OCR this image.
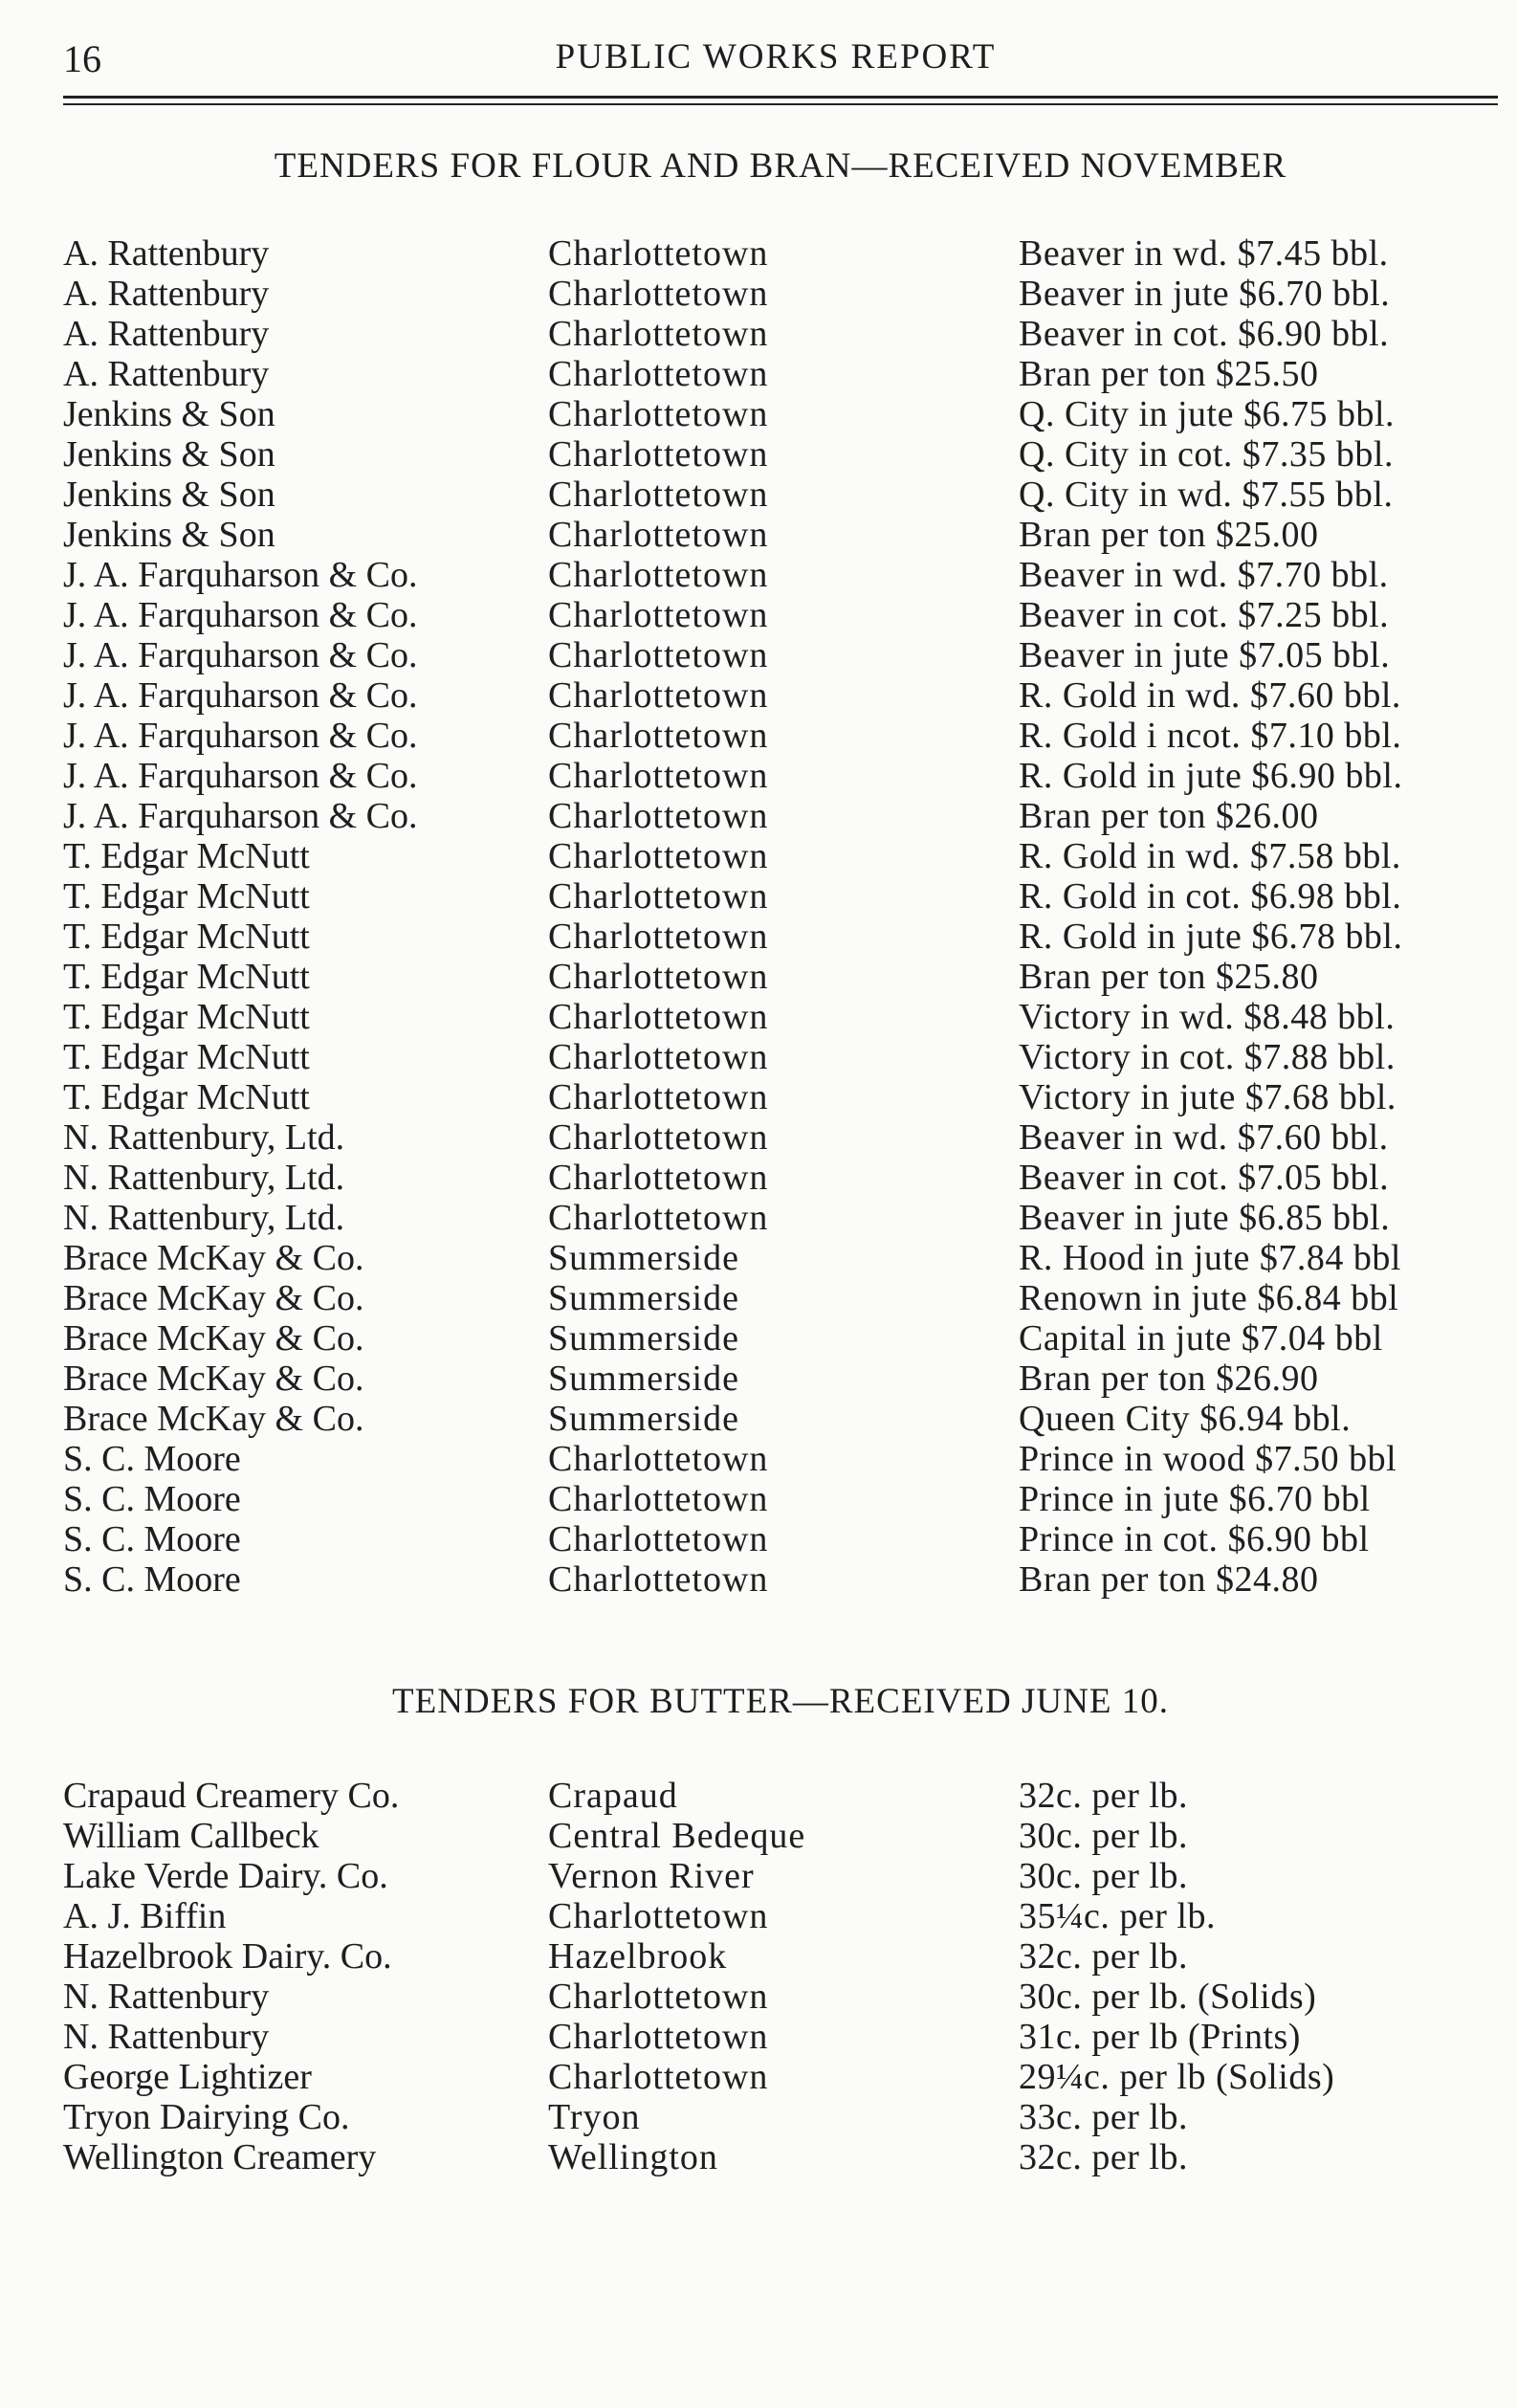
16	PUBLIC WORKS REPORT
TENDERS FOR FLOUR AND BRAN—RECEIVED NOVEMBER
A. Rattenbury	Charlottetown	Beaver in wd. $7.45 bbl.
A. Rattenbury	Charlottetown	Beaver in jute $6.70 bbl.
A. Rattenbury	Charlottetown	Beaver in cot. $6.90 bbl.
A. Rattenbury	Charlottetown	Bran per ton $25.50
Jenkins & Son	Charlottetown	Q. City in jute $6.75 bbl.
Jenkins & Son	Charlottetown	Q. City in cot. $7.35 bbl.
Jenkins & Son	Charlottetown	Q. City in wd. $7.55 bbl.
Jenkins & Son	Charlottetown	Bran per ton $25.00
J. A. Farquharson & Co.	Charlottetown	Beaver in wd. $7.70 bbl.
J. A. Farquharson & Co.	Charlottetown	Beaver in cot. $7.25 bbl.
J. A. Farquharson & Co.	Charlottetown	Beaver in jute $7.05 bbl.
J. A. Farquharson & Co.	Charlottetown	R. Gold in wd. $7.60 bbl.
J. A. Farquharson & Co.	Charlottetown	R. Gold i ncot. $7.10 bbl.
J. A. Farquharson & Co.	Charlottetown	R. Gold in jute $6.90 bbl.
J. A. Farquharson & Co.	Charlottetown	Bran per ton $26.00
T. Edgar McNutt	Charlottetown	R. Gold in wd. $7.58 bbl.
T. Edgar McNutt	Charlottetown	R. Gold in cot. $6.98 bbl.
T. Edgar McNutt	Charlottetown	R. Gold in jute $6.78 bbl.
T. Edgar McNutt	Charlottetown	Bran per ton $25.80
T. Edgar McNutt	Charlottetown	Victory in wd. $8.48 bbl.
T. Edgar McNutt	Charlottetown	Victory in cot. $7.88 bbl.
T. Edgar McNutt	Charlottetown	Victory in jute $7.68 bbl.
N. Rattenbury, Ltd.	Charlottetown	Beaver in wd. $7.60 bbl.
N. Rattenbury, Ltd.	Charlottetown	Beaver in cot. $7.05 bbl.
N. Rattenbury, Ltd.	Charlottetown	Beaver in jute $6.85 bbl.
Brace McKay & Co.	Summerside	R. Hood in jute $7.84 bbl
Brace McKay & Co.	Summerside	Renown in jute $6.84 bbl
Brace McKay & Co.	Summerside	Capital in jute $7.04 bbl
Brace McKay & Co.	Summerside	Bran per ton $26.90
Brace McKay & Co.	Summerside	Queen City $6.94 bbl.
S. C. Moore	Charlottetown	Prince in wood $7.50 bbl
S. C. Moore	Charlottetown	Prince in jute $6.70 bbl
S. C. Moore	Charlottetown	Prince in cot. $6.90 bbl
S. C. Moore	Charlottetown	Bran per ton $24.80
TENDERS FOR BUTTER—RECEIVED JUNE 10.
Crapaud Creamery Co.	Crapaud	32c. per lb.
William Callbeck	Central Bedeque	30c. per lb.
Lake Verde Dairy. Co.	Vernon River	30c. per lb.
A. J. Biffin	Charlottetown	35¼c. per lb.
Hazelbrook Dairy. Co.	Hazelbrook	32c. per lb.
N. Rattenbury	Charlottetown	30c. per lb. (Solids)
N. Rattenbury	Charlottetown	31c. per lb (Prints)
George Lightizer	Charlottetown	29¼c. per lb (Solids)
Tryon Dairying Co.	Tryon	33c. per lb.
Wellington Creamery	Wellington	32c. per lb.
